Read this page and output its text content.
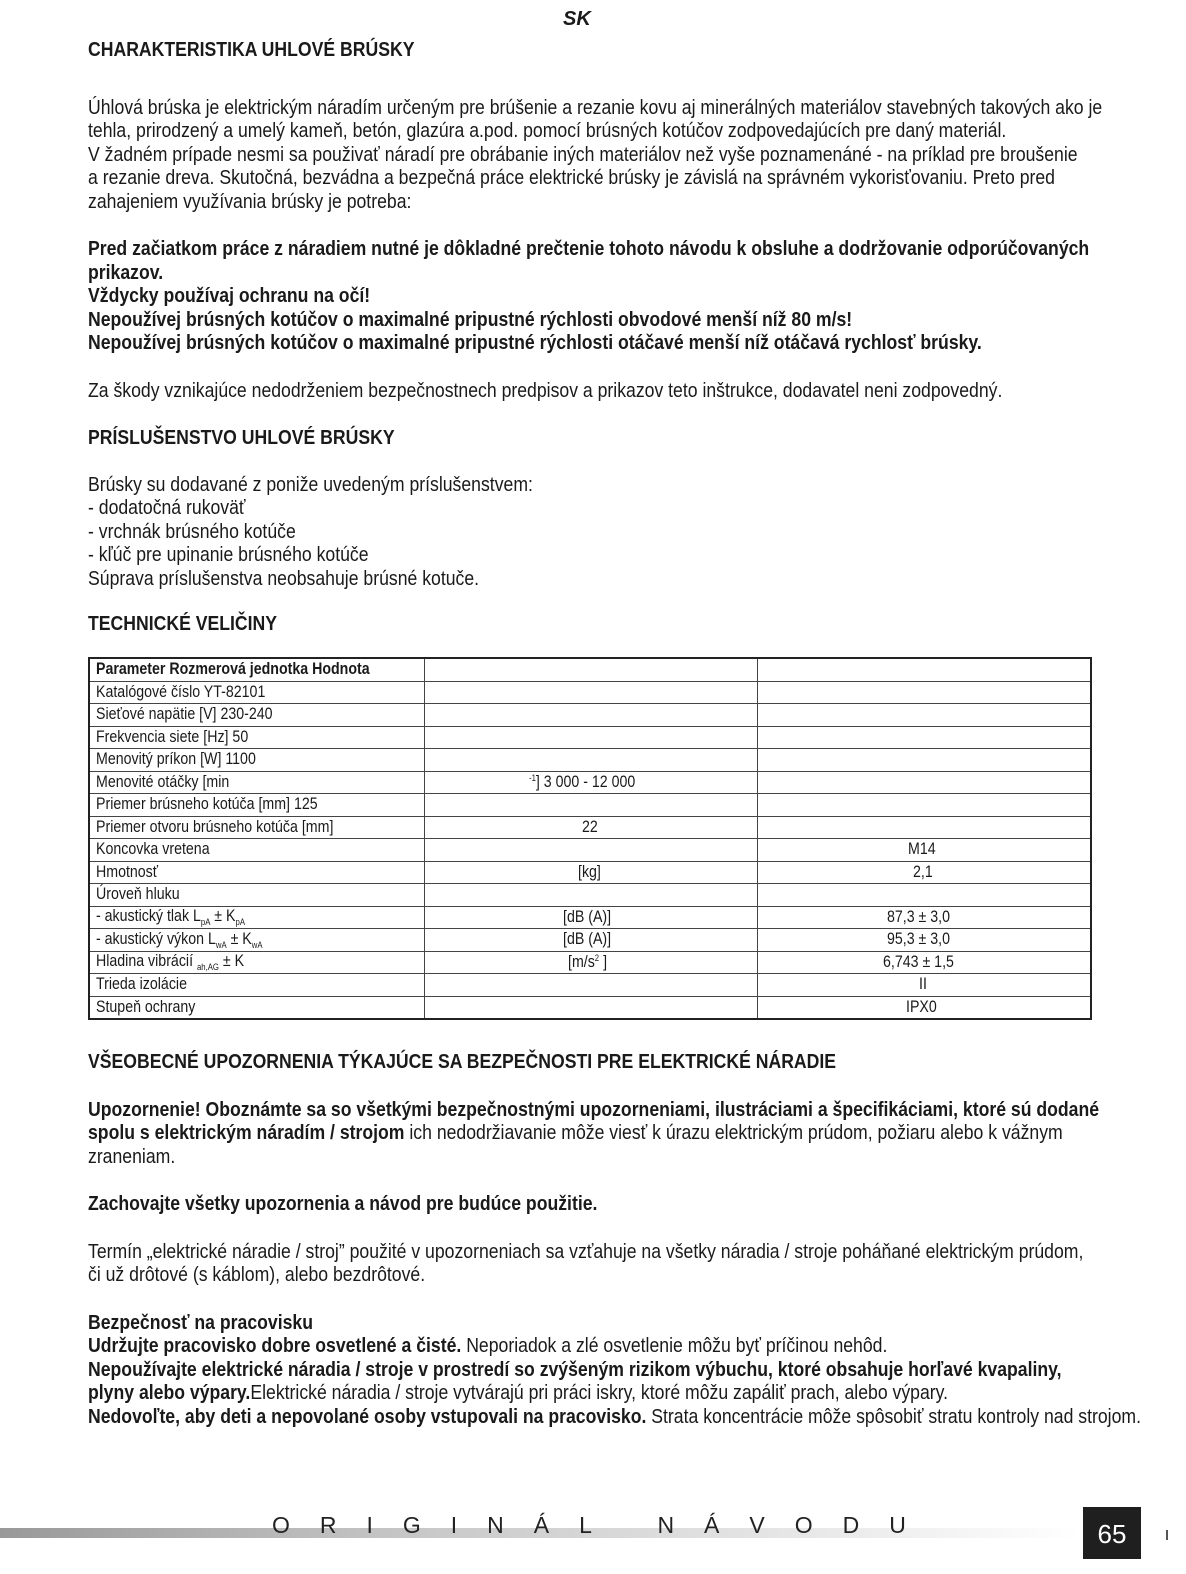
SK
CHARAKTERISTIKA UHLOVÉ BRÚSKY
Úhlová brúska je elektrickým náradím určeným pre brúšenie a rezanie kovu aj minerálných materiálov stavebných takových ako je
tehla, prirodzený a umelý kameň, betón, glazúra a.pod. pomocí brúsných kotúčov zodpovedajúcích pre daný materiál.
V žadném prípade nesmi sa použivať náradí pre obrábanie iných materiálov než vyše poznamenáné - na príklad pre broušenie
a rezanie dreva. Skutočná, bezvádna a bezpečná práce elektrické brúsky je závislá na správném vykorisťovaniu. Preto pred
zahajeniem využívania brúsky je potreba:
Pred začiatkom práce z náradiem nutné je dôkladné prečtenie tohoto návodu k obsluhe a dodržovanie odporúčovaných
prikazov.
Vždycky používaj ochranu na očí!
Nepoužívej brúsných kotúčov o maximalné pripustné rýchlosti obvodové menší níž 80 m/s!
Nepoužívej brúsných kotúčov o maximalné pripustné rýchlosti otáčavé menší níž otáčavá rychlosť brúsky.
Za škody vznikajúce nedodrženiem bezpečnostnech predpisov a prikazov teto inštrukce, dodavatel neni zodpovedný.
PRÍSLUŠENSTVO UHLOVÉ BRÚSKY
Brúsky su dodavané z poniže uvedeným príslušenstvem:
- dodatočná rukoväť
- vrchnák brúsného kotúče
- kľúč pre upinanie brúsného kotúče
Súprava príslušenstva neobsahuje brúsné kotuče.
TECHNICKÉ VELIČINY
Parameter Rozmerová jednotka Hodnota		
Katalógové číslo YT-82101		
Sieťové napätie [V] 230-240		
Frekvencia siete [Hz] 50		
Menovitý príkon [W] 1100		
Menovité otáčky [min	$^{-1}$] 3 000 - 12 000	
Priemer brúsneho kotúča [mm] 125		
Priemer otvoru brúsneho kotúča [mm]	22	
Koncovka vretena		M14
Hmotnosť	[kg]	2,1
Úroveň hluku		
- akustický tlak $L_{pA} \pm K_{pA}$	[dB (A)]	87,3 ± 3,0
- akustický výkon $L_{wA} \pm K_{wA}$	[dB (A)]	95,3 ± 3,0
Hladina vibrácií $_{ah,AG}$ ± K	[$m/s^2$ ]	6,743 ± 1,5
Trieda izolácie		II
Stupeň ochrany		IPX0
VŠEOBECNÉ UPOZORNENIA TÝKAJÚCE SA BEZPEČNOSTI PRE ELEKTRICKÉ NÁRADIE
Upozornenie! Oboznámte sa so všetkými bezpečnostnými upozorneniami, ilustráciami a špecifikáciami, ktoré sú dodané
spolu s elektrickým náradím / strojom ich nedodržiavanie môže viesť k úrazu elektrickým prúdom, požiaru alebo k vážnym
zraneniam.
Zachovajte všetky upozornenia a návod pre budúce použitie.
Termín „elektrické náradie / stroj” použité v upozorneniach sa vzťahuje na všetky náradia / stroje poháňané elektrickým prúdom,
či už drôtové (s káblom), alebo bezdrôtové.
Bezpečnosť na pracovisku
Udržujte pracovisko dobre osvetlené a čisté. Neporiadok a zlé osvetlenie môžu byť príčinou nehôd.
Nepoužívajte elektrické náradia / stroje v prostredí so zvýšeným rizikom výbuchu, ktoré obsahuje horľavé kvapaliny,
plyny alebo výpary.Elektrické náradia / stroje vytvárajú pri práci iskry, ktoré môžu zapáliť prach, alebo výpary.
Nedovoľte, aby deti a nepovolané osoby vstupovali na pracovisko. Strata koncentrácie môže spôsobiť stratu kontroly nad strojom.
ORIGINÁL NÁVODU	65
